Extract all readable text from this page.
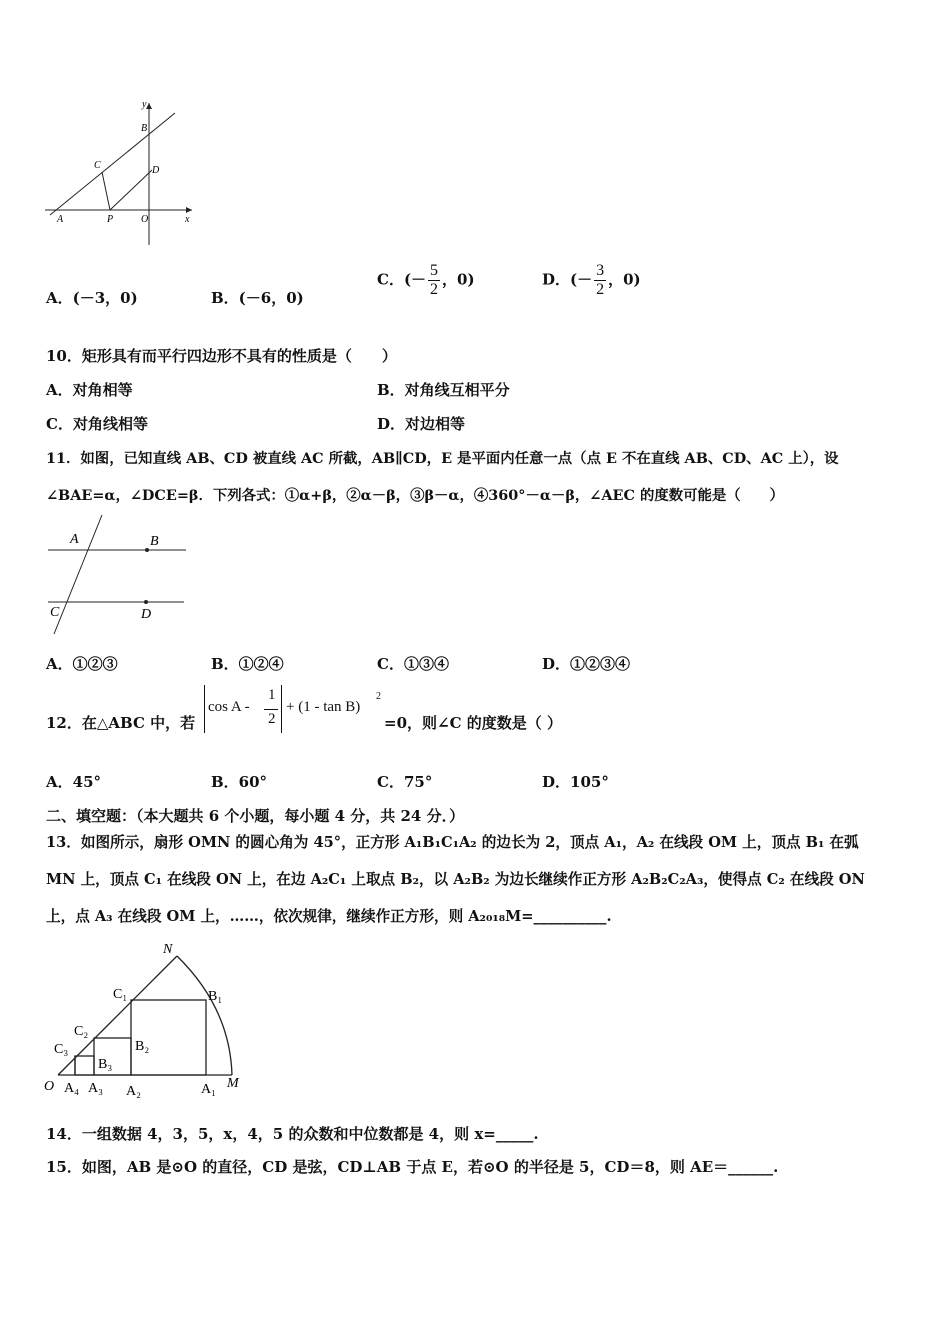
y
B
C	D
A	P	O	x
A．(－3，0)	B．(－6，0)
C．(－ $\frac{5}{2}$ ，0)	D．(－ $\frac{3}{2}$ ，0)
10．矩形具有而平行四边形不具有的性质是（　　）
A．对角相等	B．对角线互相平分
C．对角线相等	D．对边相等
11．如图，已知直线 AB、CD 被直线 AC 所截，AB∥CD，E 是平面内任意一点（点 E 不在直线 AB、CD、AC 上），设
∠BAE=α，∠DCE=β．下列各式：①α+β，②α－β，③β－α，④360°－α－β，∠AEC 的度数可能是（　　）
A	B
C	D
A．①②③	B．①②④	C．①③④	D．①②③④
12．在△ABC 中，若
cos A -
1
2
+ (1 - tan B)
2
=0，则∠C 的度数是（ ）
A．45°	B．60°	C．75°	D．105°
二、填空题：（本大题共 6 个小题，每小题 4 分，共 24 分．）
13．如图所示，扇形 OMN 的圆心角为 45°，正方形 A₁B₁C₁A₂ 的边长为 2，顶点 A₁，A₂ 在线段 OM 上，顶点 B₁ 在弧
MN 上，顶点 C₁ 在线段 ON 上，在边 A₂C₁ 上取点 B₂，以 A₂B₂ 为边长继续作正方形 A₂B₂C₂A₃，使得点 C₂ 在线段 ON
上，点 A₃ 在线段 OM 上，……，依次规律，继续作正方形，则 A₂₀₁₈M=__________.
N
C₁	B₁
C₂
B₂
C₃
B₃
O A₄ A₃ A₂	A₁ M
14．一组数据 4，3，5，x，4，5 的众数和中位数都是 4，则 x=_____.
15．如图，AB 是⊙O 的直径，CD 是弦，CD⊥AB 于点 E，若⊙O 的半径是 5，CD＝8，则 AE＝______.
